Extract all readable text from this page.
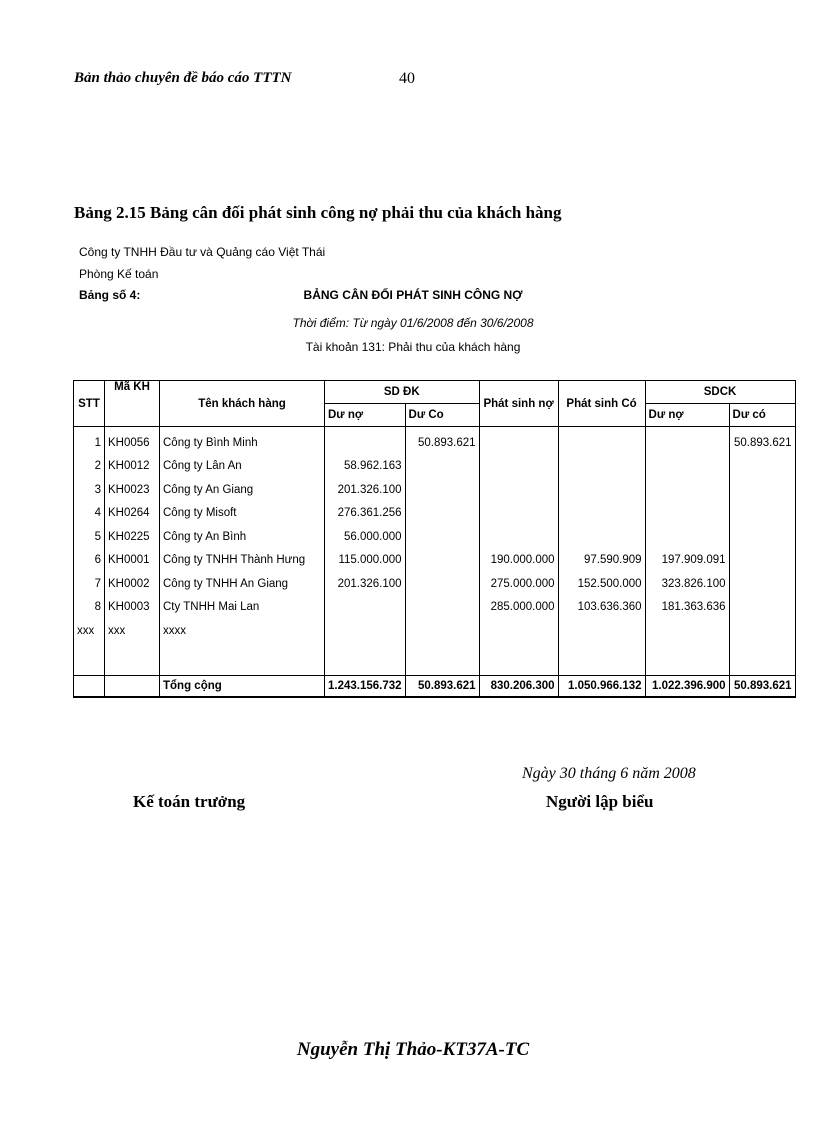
Bản thảo chuyên đề báo cáo TTTN	40
Bảng 2.15 Bảng cân đối phát sinh công nợ phải thu của khách hàng
Công ty TNHH Đầu tư và Quảng cáo Việt Thái
Phòng Kế toán
Bảng số 4:	BẢNG CÂN ĐỐI PHÁT SINH CÔNG NỢ
Thời điểm: Từ ngày 01/6/2008 đến 30/6/2008
Tài khoản 131: Phải thu của khách hàng
STT	Mã KH	Tên khách hàng	SD ĐK		Phát sinh nợ	Phát sinh Có	SDCK	
			Dư nợ	Dư Co			Dư nợ	Dư có
1	KH0056	Công ty Bình Minh		50.893.621				50.893.621
2	KH0012	Công ty Lân An	58.962.163					
3	KH0023	Công ty An Giang	201.326.100					
4	KH0264	Công ty Misoft	276.361.256					
5	KH0225	Công ty An Bình	56.000.000					
6	KH0001	Công ty TNHH Thành Hưng	115.000.000		190.000.000	97.590.909	197.909.091	
7	KH0002	Công ty TNHH An Giang	201.326.100		275.000.000	152.500.000	323.826.100	
8	KH0003	Cty TNHH Mai Lan			285.000.000	103.636.360	181.363.636	
xxx	xxx	xxxx						

		Tổng cộng	1.243.156.732	50.893.621	830.206.300	1.050.966.132	1.022.396.900	50.893.621
Ngày 30 tháng 6 năm 2008
Kế toán trưởng	Người lập biểu
Nguyễn Thị Thảo-KT37A-TC
